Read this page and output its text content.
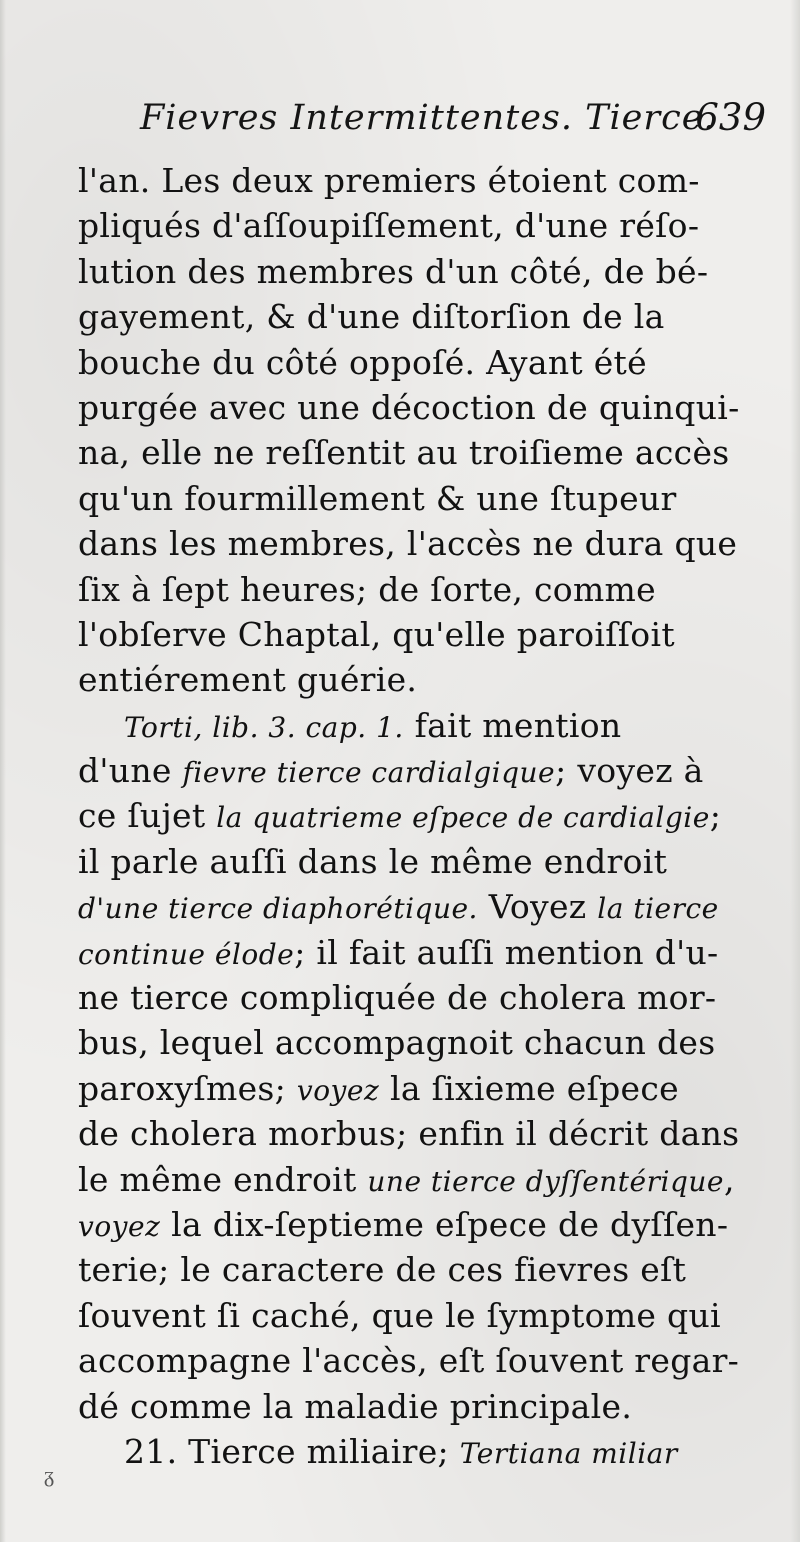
Fievres Intermittentes. Tierce.
639
l'an. Les deux premiers étoient com-
pliqués d'aſſoupiſſement, d'une réſo-
lution des membres d'un côté, de bé-
gayement, & d'une diſtorſion de la
bouche du côté oppoſé. Ayant été
purgée avec une décoction de quinqui-
na, elle ne reſſentit au troiſieme accès
qu'un fourmillement & une ſtupeur
dans les membres, l'accès ne dura que
ſix à ſept heures; de ſorte, comme
l'obſerve Chaptal, qu'elle paroiſſoit
entiérement guérie.
Torti, lib. 3. cap. 1. fait mention
d'une fievre tierce cardialgique; voyez à
ce ſujet la quatrieme eſpece de cardialgie;
il parle auſſi dans le même endroit
d'une tierce diaphorétique. Voyez la tierce
continue élode; il fait auſſi mention d'u-
ne tierce compliquée de cholera mor-
bus, lequel accompagnoit chacun des
paroxyſmes; voyez la ſixieme eſpece
de cholera morbus; enfin il décrit dans
le même endroit une tierce dyſſentérique,
voyez la dix-ſeptieme eſpece de dyſſen-
terie; le caractere de ces fievres eſt
ſouvent ſi caché, que le ſymptome qui
accompagne l'accès, eſt ſouvent regar-
dé comme la maladie principale.
21. Tierce miliaire; Tertiana miliar
ᵹ
